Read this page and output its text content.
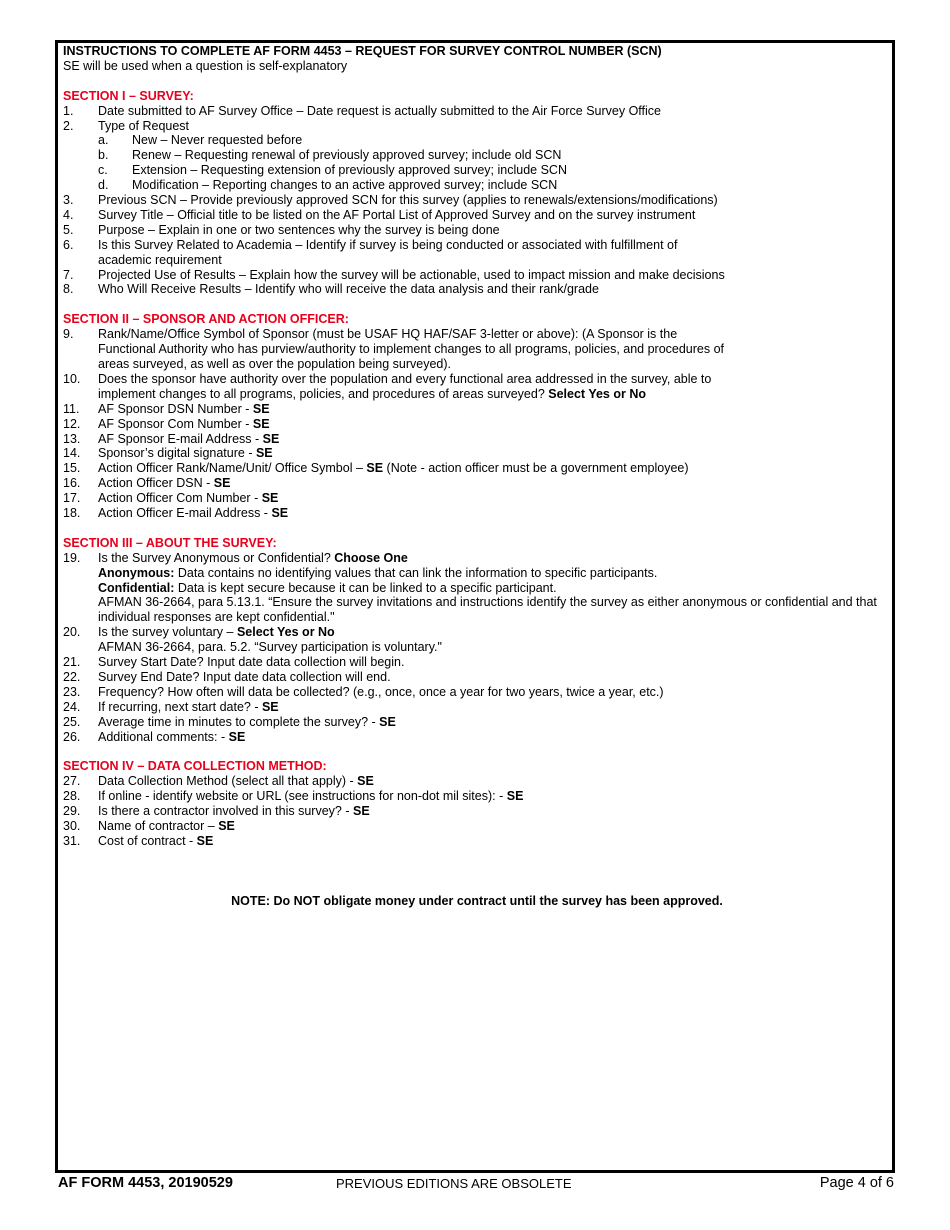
INSTRUCTIONS TO COMPLETE AF FORM 4453 – REQUEST FOR SURVEY CONTROL NUMBER (SCN)
SE will be used when a question is self-explanatory
SECTION I – SURVEY:
1.	Date submitted to AF Survey Office – Date request is actually submitted to the Air Force Survey Office
2.	Type of Request
a.	New – Never requested before
b.	Renew – Requesting renewal of previously approved survey; include old SCN
c.	Extension – Requesting extension of previously approved survey; include SCN
d.	Modification – Reporting changes to an active approved survey; include SCN
3.	Previous SCN – Provide previously approved SCN for this survey (applies to renewals/extensions/modifications)
4.	Survey Title – Official title to be listed on the AF Portal List of Approved Survey and on the survey instrument
5.	Purpose – Explain in one or two sentences why the survey is being done
6.	Is this Survey Related to Academia – Identify if survey is being conducted or associated with fulfillment of
academic requirement
7.	Projected Use of Results – Explain how the survey will be actionable, used to impact mission and make decisions
8.	Who Will Receive Results – Identify who will receive the data analysis and their rank/grade
SECTION II – SPONSOR AND ACTION OFFICER:
9.	Rank/Name/Office Symbol of Sponsor (must be USAF HQ HAF/SAF 3-letter or above): (A Sponsor is the
Functional Authority who has purview/authority to implement changes to all programs, policies, and procedures of
areas surveyed, as well as over the population being surveyed).
10.	Does the sponsor have authority over the population and every functional area addressed in the survey, able to
implement changes to all programs, policies, and procedures of areas surveyed? Select Yes or No
11.	AF Sponsor DSN Number - SE
12.	AF Sponsor Com Number - SE
13.	AF Sponsor E-mail Address - SE
14.	Sponsor’s digital signature - SE
15.	Action Officer Rank/Name/Unit/ Office Symbol – SE (Note - action officer must be a government employee)
16.	Action Officer DSN - SE
17.	Action Officer Com Number - SE
18.	Action Officer E-mail Address - SE
SECTION III – ABOUT THE SURVEY:
19.	Is the Survey Anonymous or Confidential? Choose One
Anonymous: Data contains no identifying values that can link the information to specific participants.
Confidential: Data is kept secure because it can be linked to a specific participant.
AFMAN 36-2664, para 5.13.1. “Ensure the survey invitations and instructions identify the survey as either anonymous or confidential and that
individual responses are kept confidential."
20.	Is the survey voluntary – Select Yes or No
AFMAN 36-2664, para. 5.2. “Survey participation is voluntary."
21.	Survey Start Date? Input date data collection will begin.
22.	Survey End Date? Input date data collection will end.
23.	Frequency? How often will data be collected? (e.g., once, once a year for two years, twice a year, etc.)
24.	If recurring, next start date? - SE
25.	Average time in minutes to complete the survey? - SE
26.	Additional comments: - SE
SECTION IV – DATA COLLECTION METHOD:
27.	Data Collection Method (select all that apply) - SE
28.	If online - identify website or URL (see instructions for non-dot mil sites): - SE
29.	Is there a contractor involved in this survey? - SE
30.	Name of contractor – SE
31.	Cost of contract - SE
NOTE: Do NOT obligate money under contract until the survey has been approved.
AF FORM 4453, 20190529	PREVIOUS EDITIONS ARE OBSOLETE	Page 4 of 6
